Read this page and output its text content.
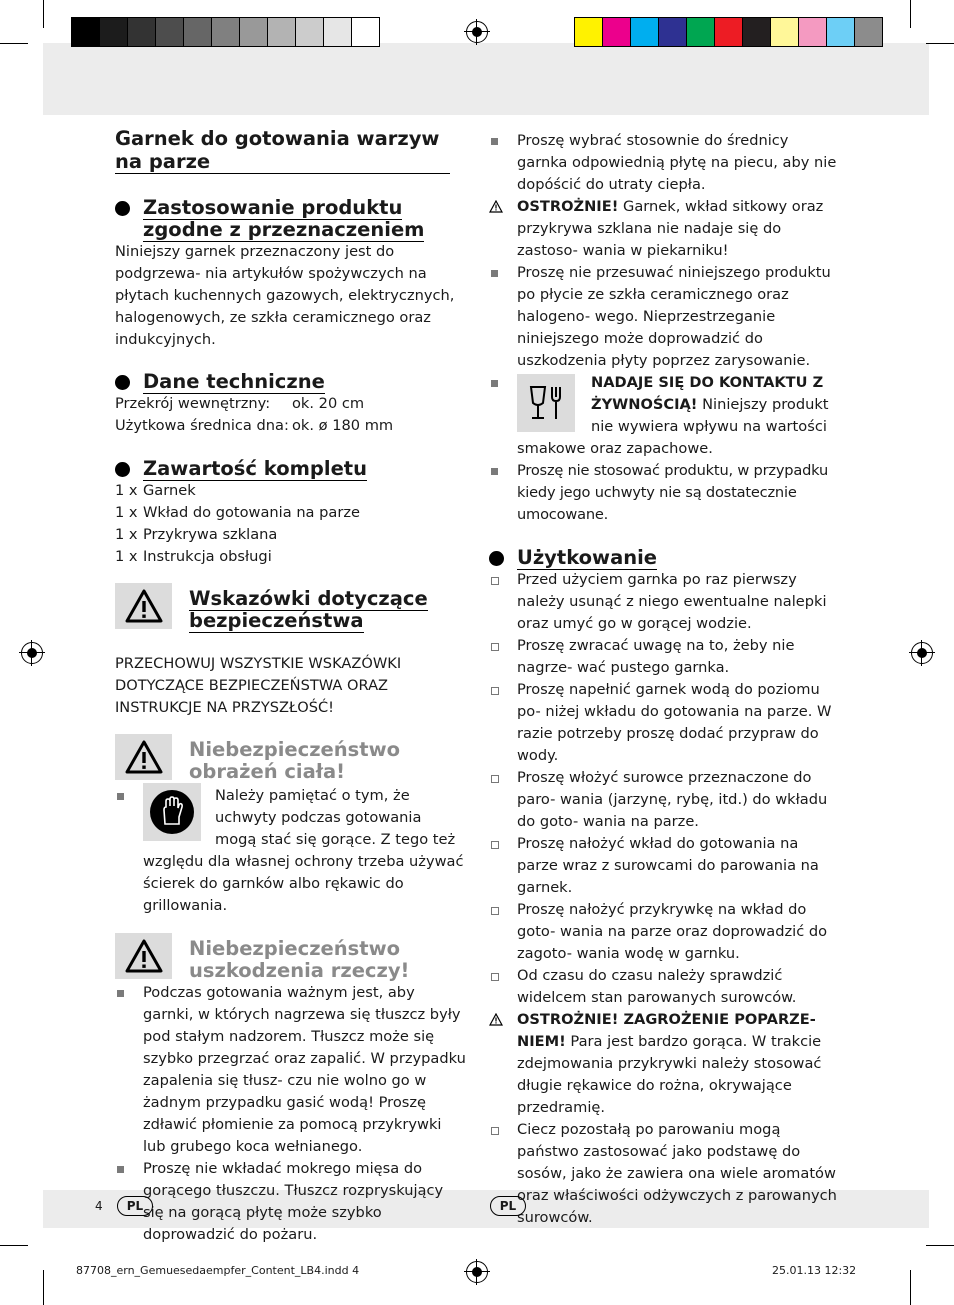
Garnek do gotowania warzyw na parze
Zastosowanie produktu zgodne z przeznaczeniem

Niniejszy garnek przeznaczony jest do podgrzewa- nia artykułów spożywczych na płytach kuchennych gazowych, elektrycznych, halogenowych, ze szkła ceramicznego oraz indukcyjnych.

Dane techniczne
Przekrój wewnętrzny:	ok. 20 cm
Użytkowa średnica dna: ok. ø 180 mm
Zawartość kompletu
1 x Garnek
1 x Wkład do gotowania na parze
1 x Przykrywa szklana
1 x Instrukcja obsługi
Wskazówki dotyczące bezpieczeństwa

PRZECHOWUJ WSZYSTKIE WSKAZÓWKI DOTYCZĄCE BEZPIECZEŃSTWA ORAZ INSTRUKCJE NA PRZYSZŁOŚĆ!

Niebezpieczeństwo obrażeń ciała!
Należy pamiętać o tym, że uchwyty podczas gotowania mogą stać się gorące. Z tego też względu dla własnej ochrony trzeba używać ścierek do garnków albo rękawic do grillowania.
Niebezpieczeństwo uszkodzenia rzeczy!
Podczas gotowania ważnym jest, aby garnki, w których nagrzewa się tłuszcz były pod stałym nadzorem. Tłuszcz może się szybko przegrzać oraz zapalić. W przypadku zapalenia się tłusz- czu nie wolno go w żadnym przypadku gasić wodą! Proszę zdławić płomienie za pomocą przykrywki lub grubego koca wełnianego.
Proszę nie wkładać mokrego mięsa do gorącego tłuszczu. Tłuszcz rozpryskujący się na gorącą płytę może szybko doprowadzić do pożaru.
Proszę wybrać stosownie do średnicy garnka odpowiednią płytę na piecu, aby nie dopóścić do utraty ciepła.
OSTROŻNIE! Garnek, wkład sitkowy oraz przykrywa szklana nie nadaje się do zastoso- wania w piekarniku!
Proszę nie przesuwać niniejszego produktu po płycie ze szkła ceramicznego oraz halogeno- wego. Nieprzestrzeganie niniejszego może doprowadzić do uszkodzenia płyty poprzez zarysowanie.
NADAJE SIĘ DO KONTAKTU Z ŻYWNOŚCIĄ! Niniejszy produkt nie wywiera wpływu na wartości smakowe oraz zapachowe.
Proszę nie stosować produktu, w przypadku kiedy jego uchwyty nie są dostatecznie umocowane.
Użytkowanie
Przed użyciem garnka po raz pierwszy należy usunąć z niego ewentualne nalepki oraz umyć go w gorącej wodzie.
Proszę zwracać uwagę na to, żeby nie nagrze- wać pustego garnka.
Proszę napełnić garnek wodą do poziomu po- niżej wkładu do gotowania na parze. W razie potrzeby proszę dodać przypraw do wody.
Proszę włożyć surowce przeznaczone do paro- wania (jarzynę, rybę, itd.) do wkładu do goto- wania na parze.
Proszę nałożyć wkład do gotowania na parze wraz z surowcami do parowania na garnek.
Proszę nałożyć przykrywkę na wkład do goto- wania na parze oraz doprowadzić do zagoto- wania wodę w garnku.
Od czasu do czasu należy sprawdzić widelcem stan parowanych surowców.
OSTROŻNIE! ZAGROŻENIE POPARZE- NIEM! Para jest bardzo gorąca. W trakcie zdejmowania przykrywki należy stosować długie rękawice do rożna, okrywające przedramię.
Ciecz pozostałą po parowaniu mogą państwo zastosować jako podstawę do sosów, jako że zawiera ona wiele aromatów oraz właściwości odżywczych z parowanych surowców.
4	PL	PL
87708_ern_Gemuesedaempfer_Content_LB4.indd 4	25.01.13 12:32
